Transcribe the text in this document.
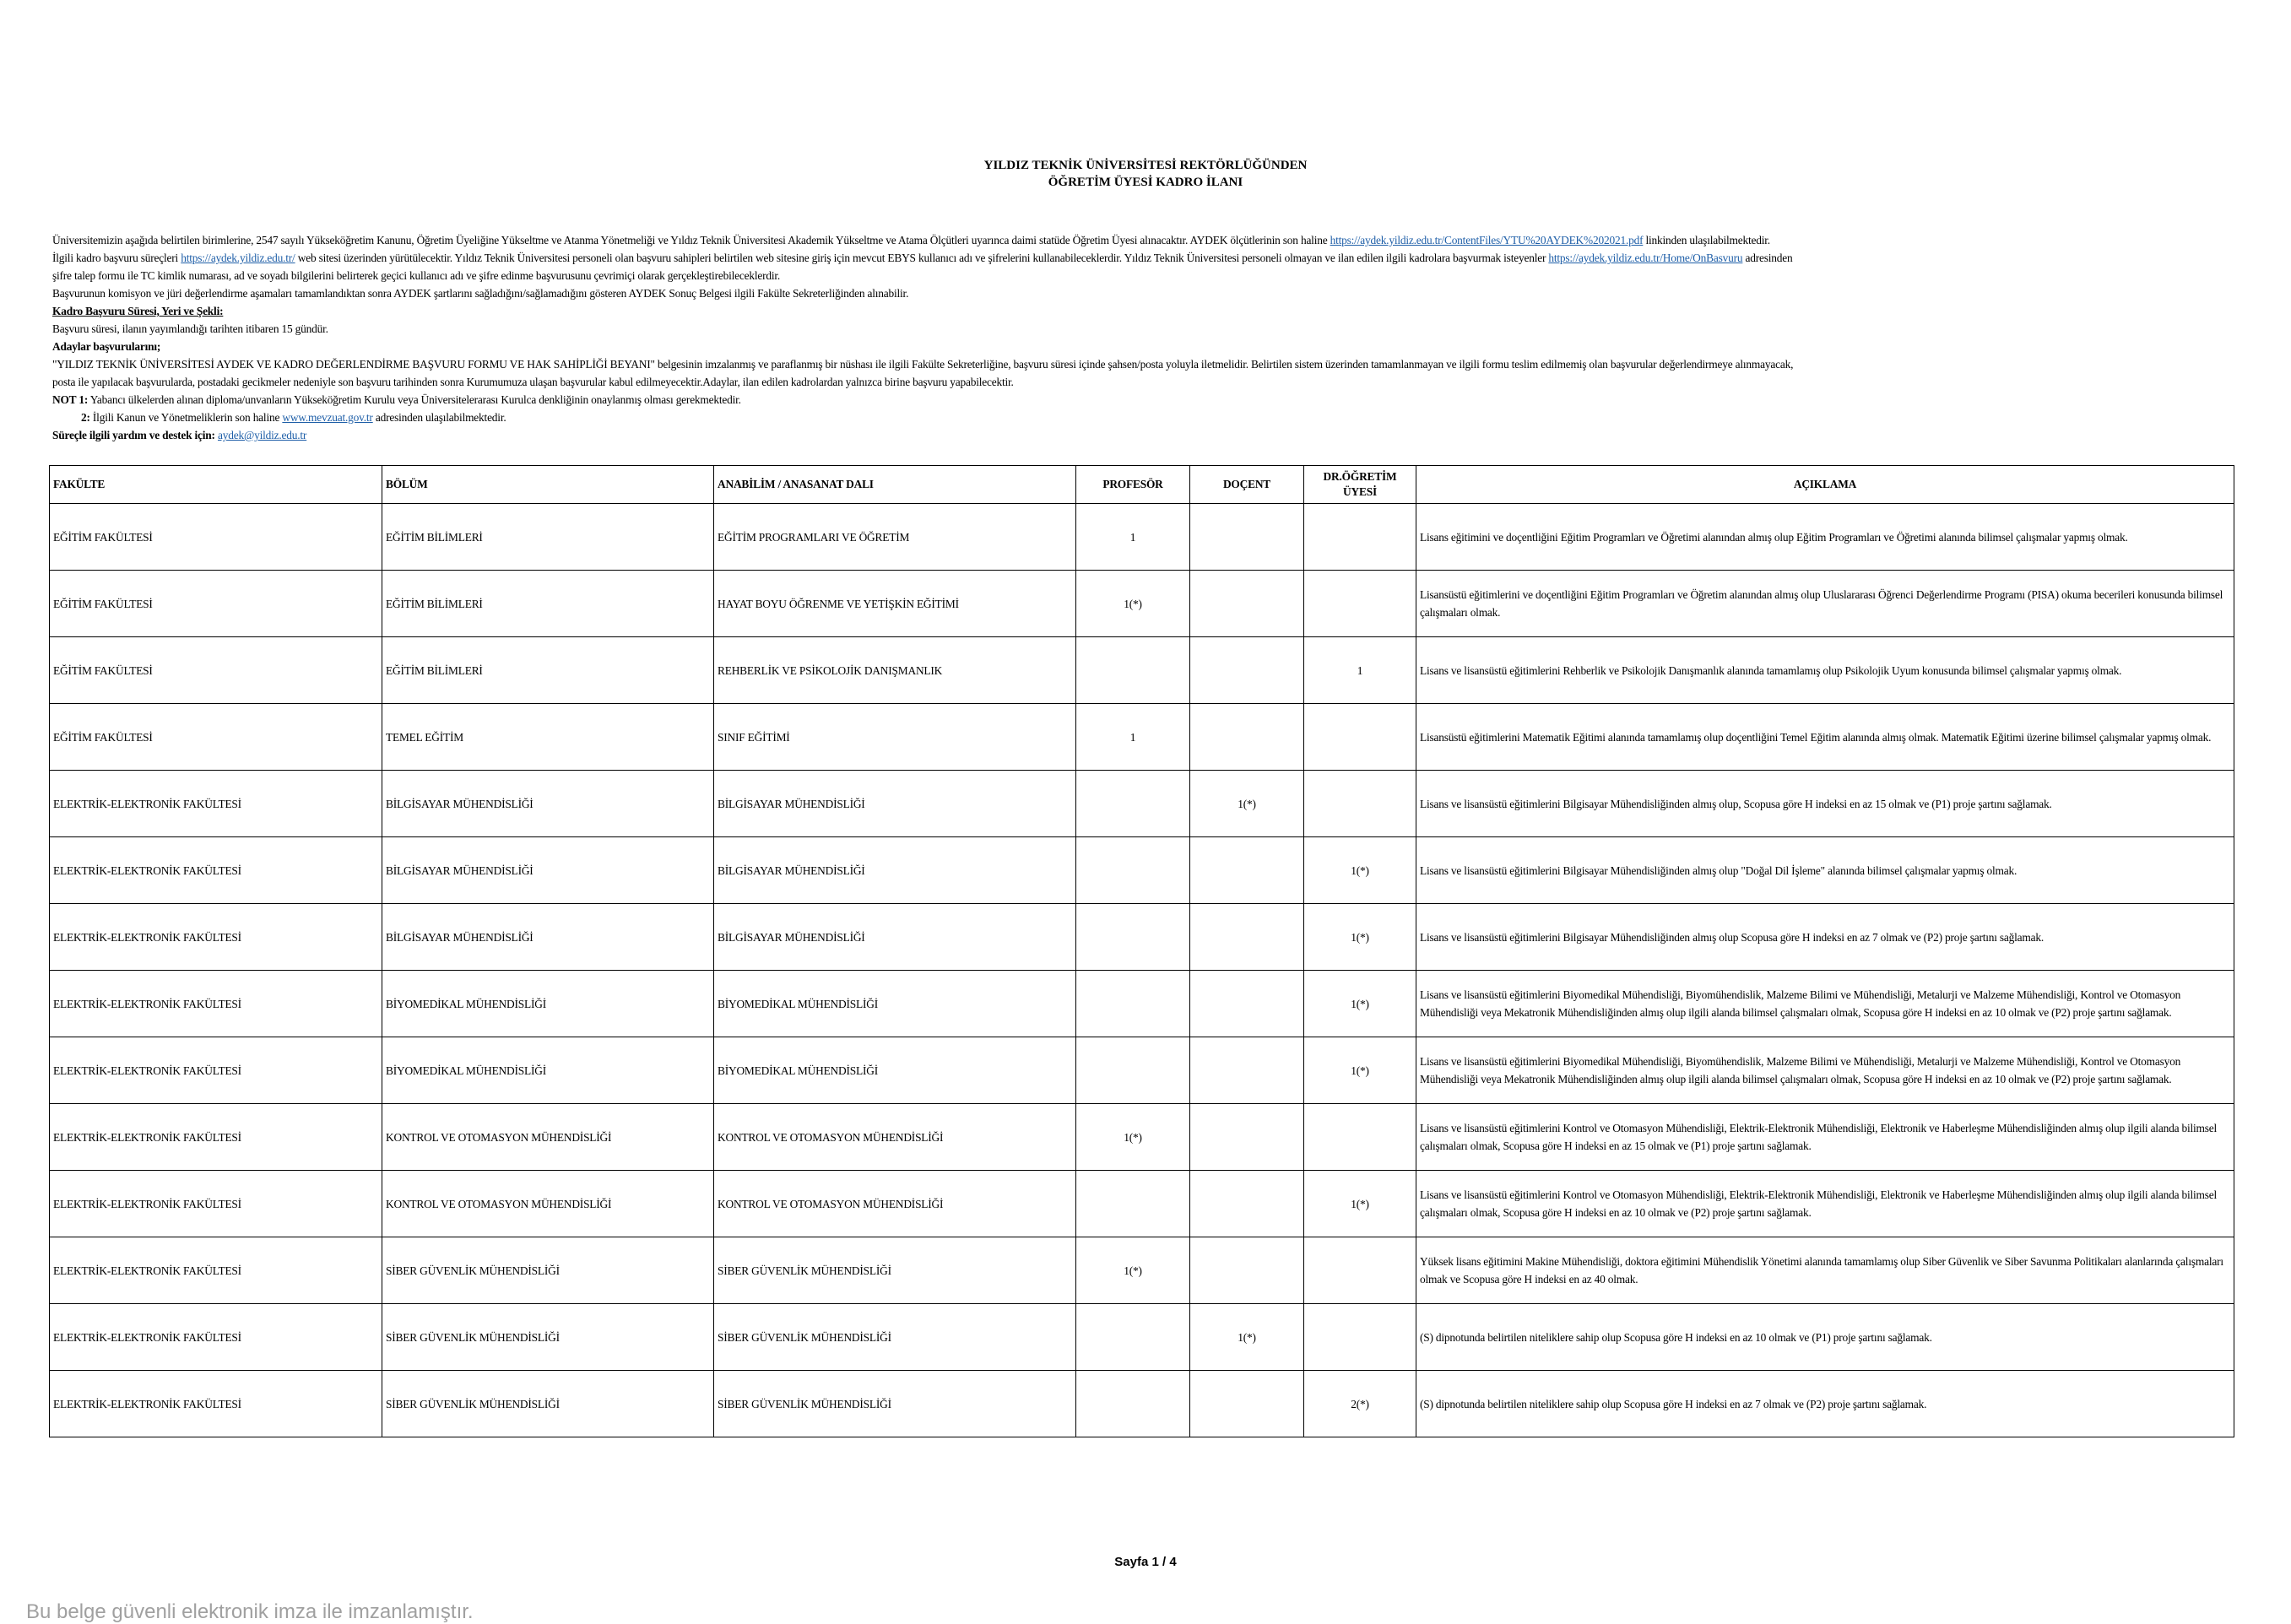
YILDIZ TEKNİK ÜNİVERSİTESİ REKTÖRLÜĞÜNDEN
ÖĞRETİM ÜYESİ KADRO İLANI

Üniversitemizin aşağıda belirtilen birimlerine, 2547 sayılı Yükseköğretim Kanunu, Öğretim Üyeliğine Yükseltme ve Atanma Yönetmeliği ve Yıldız Teknik Üniversitesi Akademik Yükseltme ve Atama Ölçütleri uyarınca daimi statüde Öğretim Üyesi alınacaktır. AYDEK ölçütlerinin son haline https://aydek.yildiz.edu.tr/ContentFiles/YTU%20AYDEK%202021.pdf linkinden ulaşılabilmektedir.

İlgili kadro başvuru süreçleri https://aydek.yildiz.edu.tr/ web sitesi üzerinden yürütülecektir. Yıldız Teknik Üniversitesi personeli olan başvuru sahipleri belirtilen web sitesine giriş için mevcut EBYS kullanıcı adı ve şifrelerini kullanabileceklerdir. Yıldız Teknik Üniversitesi personeli olmayan ve ilan edilen ilgili kadrolara başvurmak isteyenler https://aydek.yildiz.edu.tr/Home/OnBasvuru adresinden

şifre talep formu ile TC kimlik numarası, ad ve soyadı bilgilerini belirterek geçici kullanıcı adı ve şifre edinme başvurusunu çevrimiçi olarak gerçekleştirebileceklerdir.

Başvurunun komisyon ve jüri değerlendirme aşamaları tamamlandıktan sonra AYDEK şartlarını sağladığını/sağlamadığını gösteren AYDEK Sonuç Belgesi ilgili Fakülte Sekreterliğinden alınabilir.

Kadro Başvuru Süresi, Yeri ve Şekli:

Başvuru süresi, ilanın yayımlandığı tarihten itibaren 15 gündür.

Adaylar başvurularını;

"YILDIZ TEKNİK ÜNİVERSİTESİ AYDEK VE KADRO DEĞERLENDİRME BAŞVURU FORMU VE HAK SAHİPLİĞİ BEYANI" belgesinin imzalanmış ve paraflanmış bir nüshası ile ilgili Fakülte Sekreterliğine, başvuru süresi içinde şahsen/posta yoluyla iletmelidir. Belirtilen sistem üzerinden tamamlanmayan ve ilgili formu teslim edilmemiş olan başvurular değerlendirmeye alınmayacak,

posta ile yapılacak başvurularda, postadaki gecikmeler nedeniyle son başvuru tarihinden sonra Kurumumuza ulaşan başvurular kabul edilmeyecektir.Adaylar, ilan edilen kadrolardan yalnızca birine başvuru yapabilecektir.

NOT 1: Yabancı ülkelerden alınan diploma/unvanların Yükseköğretim Kurulu veya Üniversitelerarası Kurulca denkliğinin onaylanmış olması gerekmektedir.

2: İlgili Kanun ve Yönetmeliklerin son haline www.mevzuat.gov.tr adresinden ulaşılabilmektedir.

Süreçle ilgili yardım ve destek için: aydek@yildiz.edu.tr

FAKÜLTE	BÖLÜM	ANABİLİM / ANASANAT DALI	PROFESÖR	DOÇENT	DR.ÖĞRETİM ÜYESİ	AÇIKLAMA
EĞİTİM FAKÜLTESİ	EĞİTİM BİLİMLERİ	EĞİTİM PROGRAMLARI VE ÖĞRETİM	1			Lisans eğitimini ve doçentliğini Eğitim Programları ve Öğretimi alanından almış olup Eğitim Programları ve Öğretimi alanında bilimsel çalışmalar yapmış olmak.
EĞİTİM FAKÜLTESİ	EĞİTİM BİLİMLERİ	HAYAT BOYU ÖĞRENME VE YETİŞKİN EĞİTİMİ	1(*)			Lisansüstü eğitimlerini ve doçentliğini Eğitim Programları ve Öğretim alanından almış olup Uluslararası Öğrenci Değerlendirme Programı (PISA) okuma becerileri konusunda bilimsel çalışmaları olmak.
EĞİTİM FAKÜLTESİ	EĞİTİM BİLİMLERİ	REHBERLİK VE PSİKOLOJİK DANIŞMANLIK			1	Lisans ve lisansüstü eğitimlerini Rehberlik ve Psikolojik Danışmanlık alanında tamamlamış olup Psikolojik Uyum konusunda bilimsel çalışmalar yapmış olmak.
EĞİTİM FAKÜLTESİ	TEMEL EĞİTİM	SINIF EĞİTİMİ	1			Lisansüstü eğitimlerini Matematik Eğitimi alanında tamamlamış olup doçentliğini Temel Eğitim alanında almış olmak. Matematik Eğitimi üzerine bilimsel çalışmalar yapmış olmak.
ELEKTRİK-ELEKTRONİK FAKÜLTESİ	BİLGİSAYAR MÜHENDİSLİĞİ	BİLGİSAYAR MÜHENDİSLİĞİ		1(*)		Lisans ve lisansüstü eğitimlerini Bilgisayar Mühendisliğinden almış olup, Scopusa göre H indeksi en az 15 olmak ve (P1) proje şartını sağlamak.
ELEKTRİK-ELEKTRONİK FAKÜLTESİ	BİLGİSAYAR MÜHENDİSLİĞİ	BİLGİSAYAR MÜHENDİSLİĞİ			1(*)	Lisans ve lisansüstü eğitimlerini Bilgisayar Mühendisliğinden almış olup "Doğal Dil İşleme" alanında bilimsel çalışmalar yapmış olmak.
ELEKTRİK-ELEKTRONİK FAKÜLTESİ	BİLGİSAYAR MÜHENDİSLİĞİ	BİLGİSAYAR MÜHENDİSLİĞİ			1(*)	Lisans ve lisansüstü eğitimlerini Bilgisayar Mühendisliğinden almış olup Scopusa göre H indeksi en az 7 olmak ve (P2) proje şartını sağlamak.
ELEKTRİK-ELEKTRONİK FAKÜLTESİ	BİYOMEDİKAL MÜHENDİSLİĞİ	BİYOMEDİKAL MÜHENDİSLİĞİ			1(*)	Lisans ve lisansüstü eğitimlerini Biyomedikal Mühendisliği, Biyomühendislik, Malzeme Bilimi ve Mühendisliği, Metalurji ve Malzeme Mühendisliği, Kontrol ve Otomasyon Mühendisliği veya Mekatronik Mühendisliğinden almış olup ilgili alanda bilimsel çalışmaları olmak, Scopusa göre H indeksi en az 10 olmak ve (P2) proje şartını sağlamak.
ELEKTRİK-ELEKTRONİK FAKÜLTESİ	BİYOMEDİKAL MÜHENDİSLİĞİ	BİYOMEDİKAL MÜHENDİSLİĞİ			1(*)	Lisans ve lisansüstü eğitimlerini Biyomedikal Mühendisliği, Biyomühendislik, Malzeme Bilimi ve Mühendisliği, Metalurji ve Malzeme Mühendisliği, Kontrol ve Otomasyon Mühendisliği veya Mekatronik Mühendisliğinden almış olup ilgili alanda bilimsel çalışmaları olmak, Scopusa göre H indeksi en az 10 olmak ve (P2) proje şartını sağlamak.
ELEKTRİK-ELEKTRONİK FAKÜLTESİ	KONTROL VE OTOMASYON MÜHENDİSLİĞİ	KONTROL VE OTOMASYON MÜHENDİSLİĞİ	1(*)			Lisans ve lisansüstü eğitimlerini Kontrol ve Otomasyon Mühendisliği, Elektrik-Elektronik Mühendisliği, Elektronik ve Haberleşme Mühendisliğinden almış olup ilgili alanda bilimsel çalışmaları olmak, Scopusa göre H indeksi en az 15 olmak ve (P1) proje şartını sağlamak.
ELEKTRİK-ELEKTRONİK FAKÜLTESİ	KONTROL VE OTOMASYON MÜHENDİSLİĞİ	KONTROL VE OTOMASYON MÜHENDİSLİĞİ			1(*)	Lisans ve lisansüstü eğitimlerini Kontrol ve Otomasyon Mühendisliği, Elektrik-Elektronik Mühendisliği, Elektronik ve Haberleşme Mühendisliğinden almış olup ilgili alanda bilimsel çalışmaları olmak, Scopusa göre H indeksi en az 10 olmak ve (P2) proje şartını sağlamak.
ELEKTRİK-ELEKTRONİK FAKÜLTESİ	SİBER GÜVENLİK MÜHENDİSLİĞİ	SİBER GÜVENLİK MÜHENDİSLİĞİ	1(*)			Yüksek lisans eğitimini Makine Mühendisliği, doktora eğitimini Mühendislik Yönetimi alanında tamamlamış olup Siber Güvenlik ve Siber Savunma Politikaları alanlarında çalışmaları olmak ve Scopusa göre H indeksi en az 40 olmak.
ELEKTRİK-ELEKTRONİK FAKÜLTESİ	SİBER GÜVENLİK MÜHENDİSLİĞİ	SİBER GÜVENLİK MÜHENDİSLİĞİ		1(*)		(S) dipnotunda belirtilen niteliklere sahip olup Scopusa göre H indeksi en az 10 olmak ve (P1) proje şartını sağlamak.
ELEKTRİK-ELEKTRONİK FAKÜLTESİ	SİBER GÜVENLİK MÜHENDİSLİĞİ	SİBER GÜVENLİK MÜHENDİSLİĞİ			2(*)	(S) dipnotunda belirtilen niteliklere sahip olup Scopusa göre H indeksi en az 7 olmak ve (P2) proje şartını sağlamak.
Sayfa 1 / 4
Bu belge güvenli elektronik imza ile imzanlamıştır.
